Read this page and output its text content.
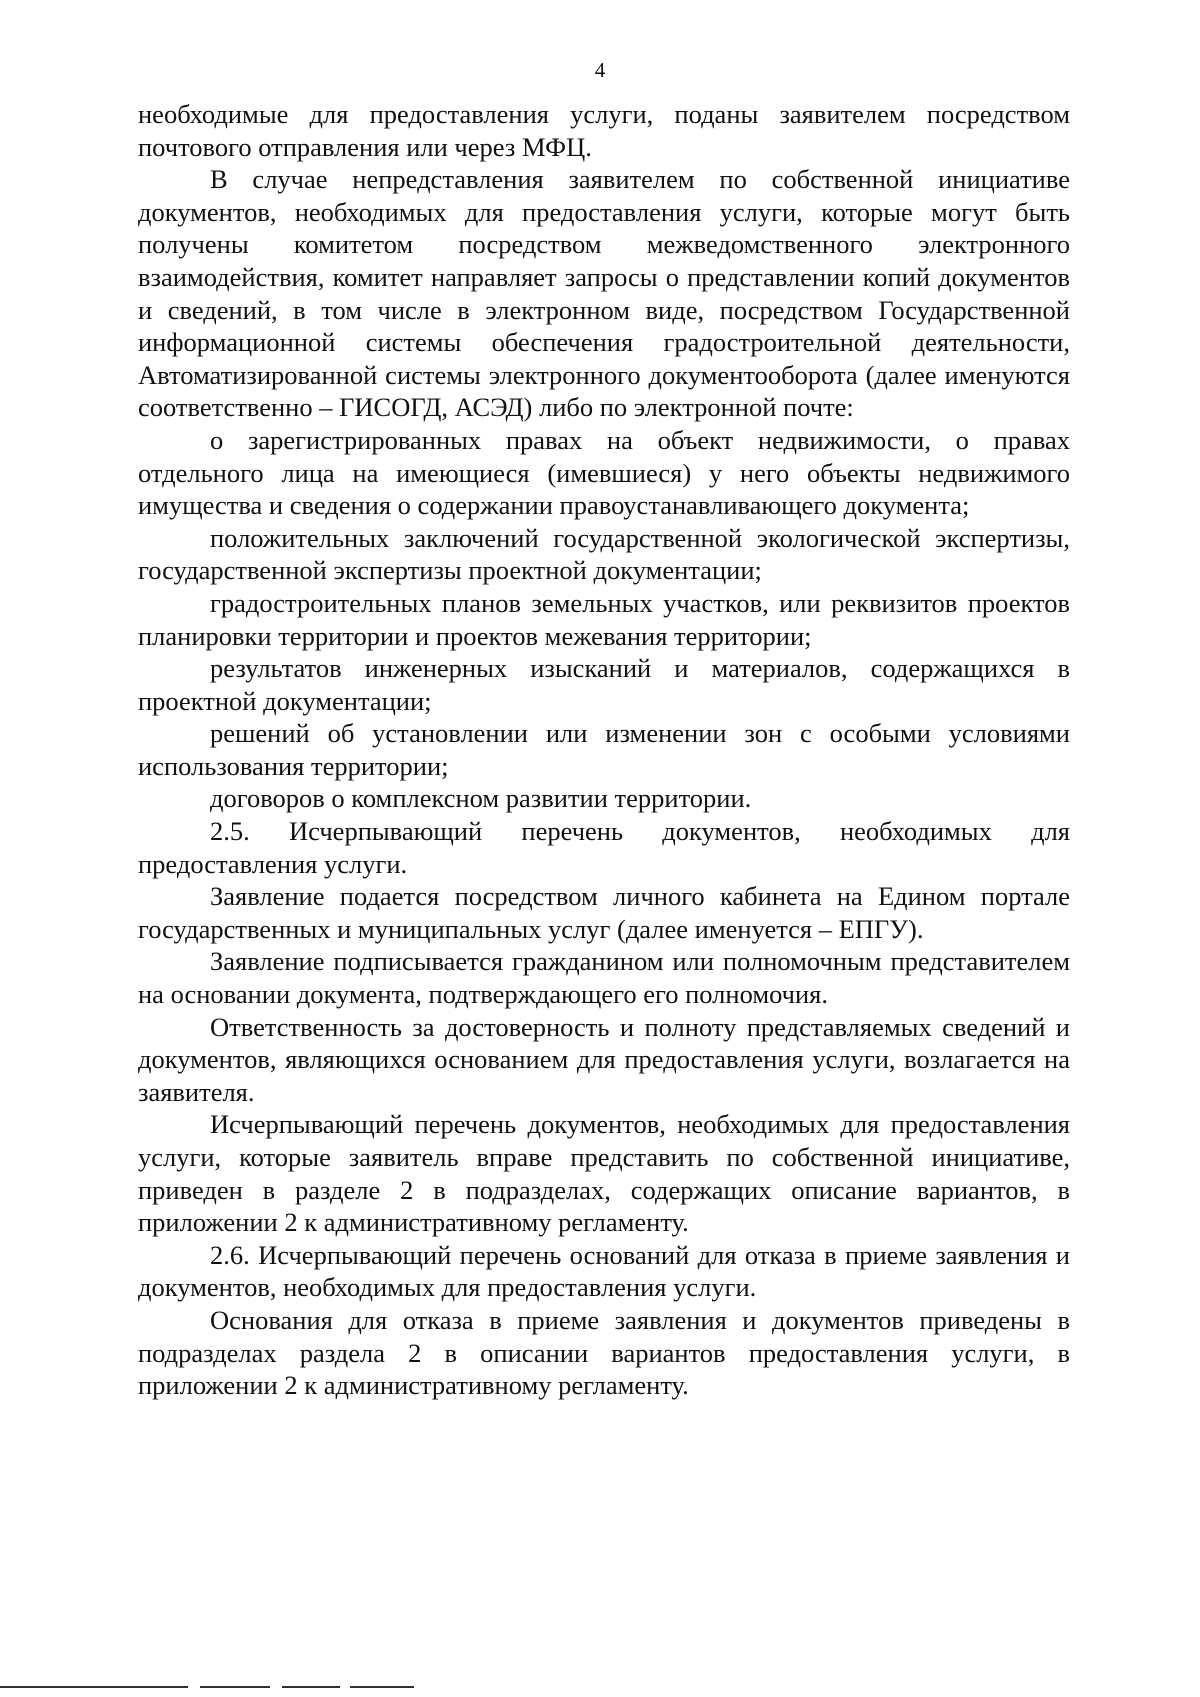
4

необходимые для предоставления услуги, поданы заявителем посредством почтового отправления или через МФЦ.

В случае непредставления заявителем по собственной инициативе документов, необходимых для предоставления услуги, которые могут быть получены комитетом посредством межведомственного электронного взаимодействия, комитет направляет запросы о представлении копий документов и сведений, в том числе в электронном виде, посредством Государственной информационной системы обеспечения градостроительной деятельности, Автоматизированной системы электронного документооборота (далее именуются соответственно – ГИСОГД, АСЭД) либо по электронной почте:

о зарегистрированных правах на объект недвижимости, о правах отдельного лица на имеющиеся (имевшиеся) у него объекты недвижимого имущества и сведения о содержании правоустанавливающего документа;

положительных заключений государственной экологической экспертизы, государственной экспертизы проектной документации;

градостроительных планов земельных участков, или реквизитов проектов планировки территории и проектов межевания территории;

результатов инженерных изысканий и материалов, содержащихся в проектной документации;

решений об установлении или изменении зон с особыми условиями использования территории;

договоров о комплексном развитии территории.

2.5. Исчерпывающий перечень документов, необходимых для предоставления услуги.

Заявление подается посредством личного кабинета на Едином портале государственных и муниципальных услуг (далее именуется – ЕПГУ).

Заявление подписывается гражданином или полномочным представителем на основании документа, подтверждающего его полномочия.

Ответственность за достоверность и полноту представляемых сведений и документов, являющихся основанием для предоставления услуги, возлагается на заявителя.

Исчерпывающий перечень документов, необходимых для предоставления услуги, которые заявитель вправе представить по собственной инициативе, приведен в разделе 2 в подразделах, содержащих описание вариантов, в приложении 2 к административному регламенту.

2.6. Исчерпывающий перечень оснований для отказа в приеме заявления и документов, необходимых для предоставления услуги.

Основания для отказа в приеме заявления и документов приведены в подразделах раздела 2 в описании вариантов предоставления услуги, в приложении 2 к административному регламенту.
